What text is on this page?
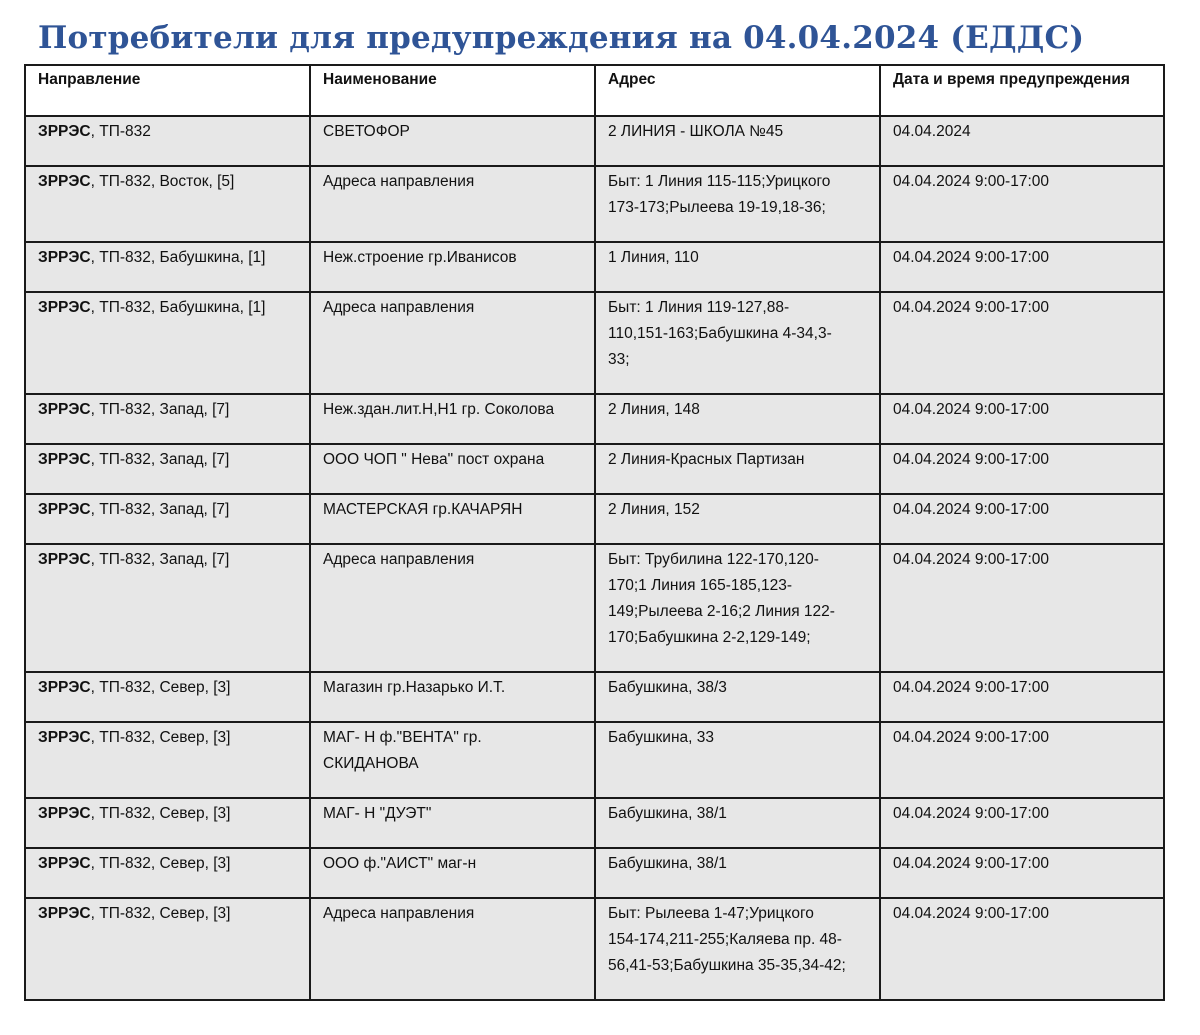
Потребители для предупреждения на 04.04.2024 (ЕДДС)
Направление	Наименование	Адрес	Дата и время предупреждения
ЗРРЭС, ТП-832	СВЕТОФОР	2 ЛИНИЯ - ШКОЛА №45	04.04.2024
ЗРРЭС, ТП-832, Восток, [5]	Адреса направления	Быт: 1 Линия 115-115;Урицкого
173-173;Рылеева 19-19,18-36;	04.04.2024 9:00-17:00
ЗРРЭС, ТП-832, Бабушкина, [1]	Неж.строение гр.Иванисов	1 Линия, 110	04.04.2024 9:00-17:00
ЗРРЭС, ТП-832, Бабушкина, [1]	Адреса направления	Быт: 1 Линия 119-127,88-
110,151-163;Бабушкина 4-34,3-
33;	04.04.2024 9:00-17:00
ЗРРЭС, ТП-832, Запад, [7]	Неж.здан.лит.Н,Н1 гр. Соколова	2 Линия, 148	04.04.2024 9:00-17:00
ЗРРЭС, ТП-832, Запад, [7]	ООО ЧОП " Нева" пост охрана	2 Линия-Красных Партизан	04.04.2024 9:00-17:00
ЗРРЭС, ТП-832, Запад, [7]	МАСТЕРСКАЯ гр.КАЧАРЯН	2 Линия, 152	04.04.2024 9:00-17:00
ЗРРЭС, ТП-832, Запад, [7]	Адреса направления	Быт: Трубилина 122-170,120-
170;1 Линия 165-185,123-
149;Рылеева 2-16;2 Линия 122-
170;Бабушкина 2-2,129-149;	04.04.2024 9:00-17:00
ЗРРЭС, ТП-832, Север, [3]	Магазин гр.Назарько И.Т.	Бабушкина, 38/3	04.04.2024 9:00-17:00
ЗРРЭС, ТП-832, Север, [3]	МАГ- Н ф."ВЕНТА" гр.
СКИДАНОВА	Бабушкина, 33	04.04.2024 9:00-17:00
ЗРРЭС, ТП-832, Север, [3]	МАГ- Н "ДУЭТ"	Бабушкина, 38/1	04.04.2024 9:00-17:00
ЗРРЭС, ТП-832, Север, [3]	ООО ф."АИСТ" маг-н	Бабушкина, 38/1	04.04.2024 9:00-17:00
ЗРРЭС, ТП-832, Север, [3]	Адреса направления	Быт: Рылеева 1-47;Урицкого
154-174,211-255;Каляева пр. 48-
56,41-53;Бабушкина 35-35,34-42;	04.04.2024 9:00-17:00
